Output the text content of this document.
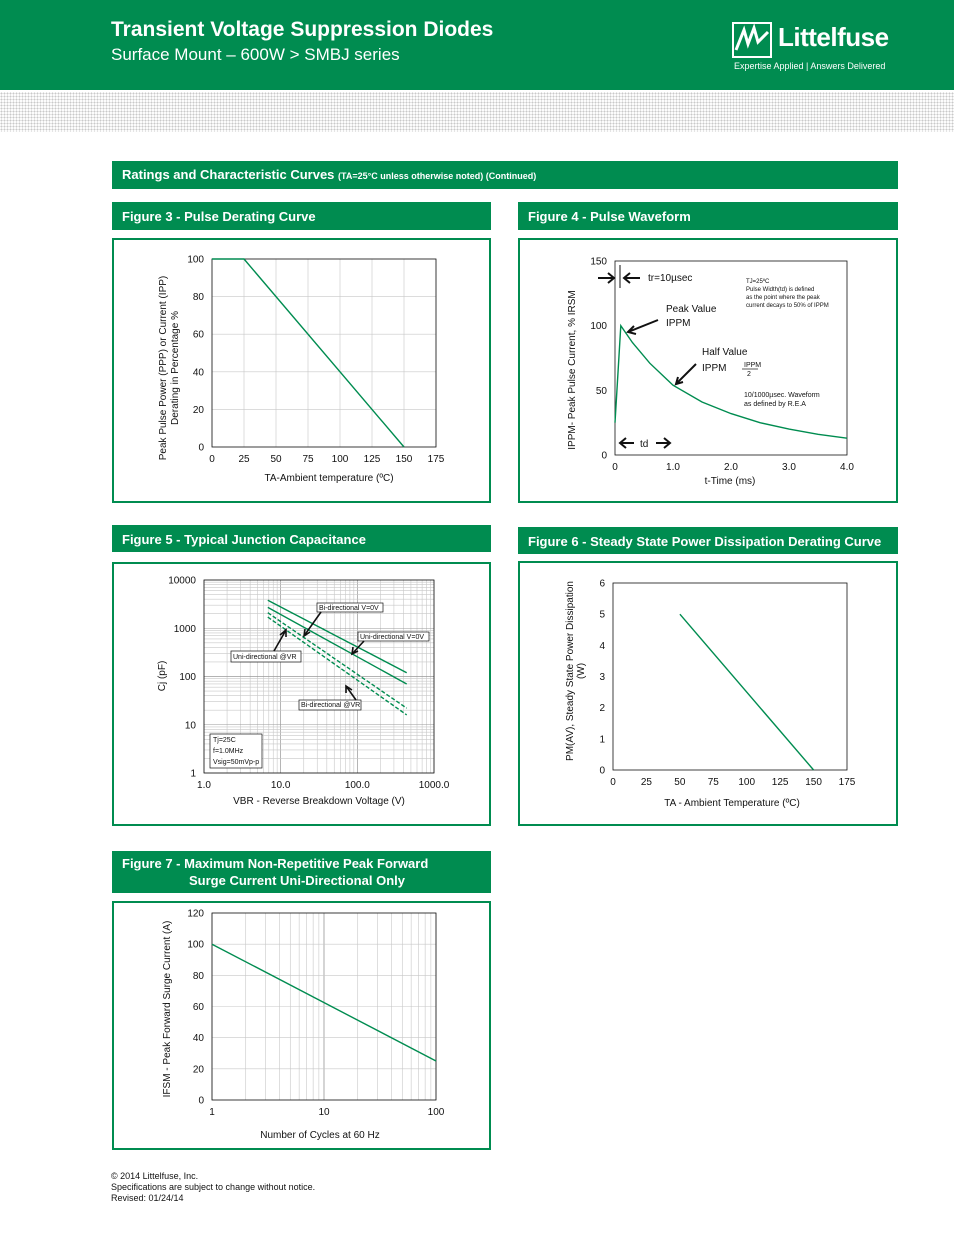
Transient Voltage Suppression Diodes
Surface Mount – 600W > SMBJ series
Littelfuse
Expertise Applied | Answers Delivered
Ratings and Characteristic Curves (TA=25°C unless otherwise noted) (Continued)
Figure 3 - Pulse Derating Curve
0 25 50 75 100 125 150 175
0
20
40
60
80
100
Peak Pulse Power (PPP) or Current (IPP) Derating in Percentage %
TA-Ambient temperature (ºC)
Figure 4 - Pulse Waveform
0	1.0	2.0	3.0	4.0
0
50
100
150
IPPM- Peak Pulse Current, % IRSM
t-Time (ms)
tr=10µsec
Peak Value
IPPM
Half Value
IPPM	IPPM
2
TJ=25ºC
Pulse Width(td) is defined
as the point where the peak
current decays to 50% of IPPM
10/1000µsec. Waveform
as defined by R.E.A
td
Figure 5 - Typical Junction Capacitance
1.0	10.0	100.0	1000.0
1
10
100
1000
10000
Cj (pF)
VBR - Reverse Breakdown Voltage (V)
Bi-directional V=0V
Uni-directional V=0V
Uni-directional @VR
Bi-directional @VR
Tj=25C
f=1.0MHz
Vsig=50mVp-p
Figure 6 - Steady State Power Dissipation Derating Curve
0	25 50 75 100 125 150 175
0
1
2
3
4
5
6
PM(AV), Steady State Power Dissipation (W)
TA - Ambient Temperature (ºC)
Figure 7 - Maximum Non-Repetitive Peak Forward
Surge Current Uni-Directional Only
1	10	100
0
20
40
60
80
100
120
IFSM - Peak Forward Surge Current (A)
Number of Cycles at 60 Hz
© 2014 Littelfuse, Inc.
Specifications are subject to change without notice.
Revised: 01/24/14
